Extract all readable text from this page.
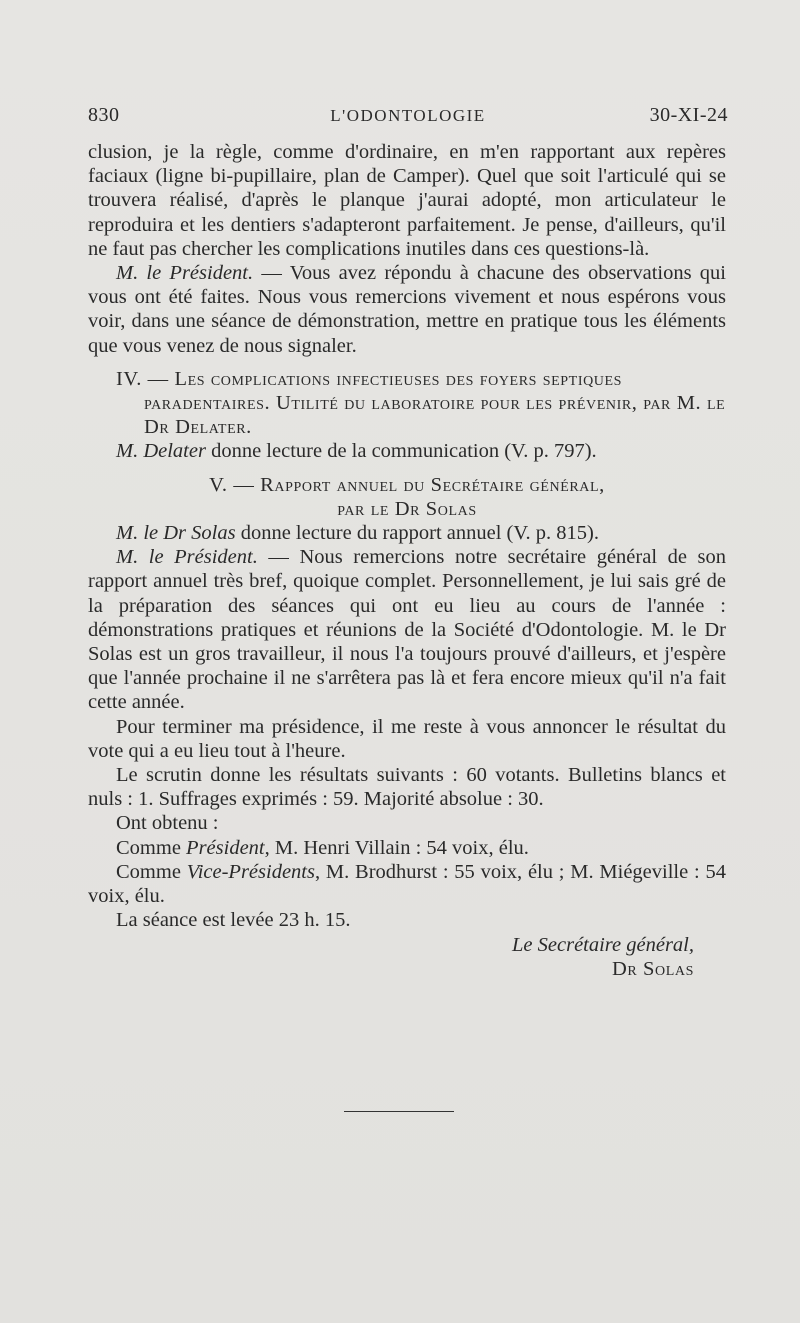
830	L'ODONTOLOGIE	30-XI-24

clusion, je la règle, comme d'ordinaire, en m'en rapportant aux repères faciaux (ligne bi-pupillaire, plan de Camper). Quel que soit l'articulé qui se trouvera réalisé, d'après le planque j'aurai adopté, mon articulateur le reproduira et les dentiers s'adapteront parfaitement. Je pense, d'ailleurs, qu'il ne faut pas chercher les complications inutiles dans ces questions-là.

M. le Président. — Vous avez répondu à chacune des observations qui vous ont été faites. Nous vous remercions vivement et nous espérons vous voir, dans une séance de démonstration, mettre en pratique tous les éléments que vous venez de nous signaler.

IV. — Les complications infectieuses des foyers septiques paradentaires. Utilité du laboratoire pour les prévenir, par M. le Dr Delater.

M. Delater donne lecture de la communication (V. p. 797).

V. — Rapport annuel du Secrétaire général,

par le Dr Solas

M. le Dr Solas donne lecture du rapport annuel (V. p. 815).

M. le Président. — Nous remercions notre secrétaire général de son rapport annuel très bref, quoique complet. Personnellement, je lui sais gré de la préparation des séances qui ont eu lieu au cours de l'année : démonstrations pratiques et réunions de la Société d'Odontologie. M. le Dr Solas est un gros travailleur, il nous l'a toujours prouvé d'ailleurs, et j'espère que l'année prochaine il ne s'arrêtera pas là et fera encore mieux qu'il n'a fait cette année.

Pour terminer ma présidence, il me reste à vous annoncer le résultat du vote qui a eu lieu tout à l'heure.

Le scrutin donne les résultats suivants : 60 votants. Bulletins blancs et nuls : 1. Suffrages exprimés : 59. Majorité absolue : 30.

Ont obtenu :

Comme Président, M. Henri Villain : 54 voix, élu.

Comme Vice-Présidents, M. Brodhurst : 55 voix, élu ; M. Miégeville : 54 voix, élu.

La séance est levée 23 h. 15.

Le Secrétaire général,

Dr Solas
